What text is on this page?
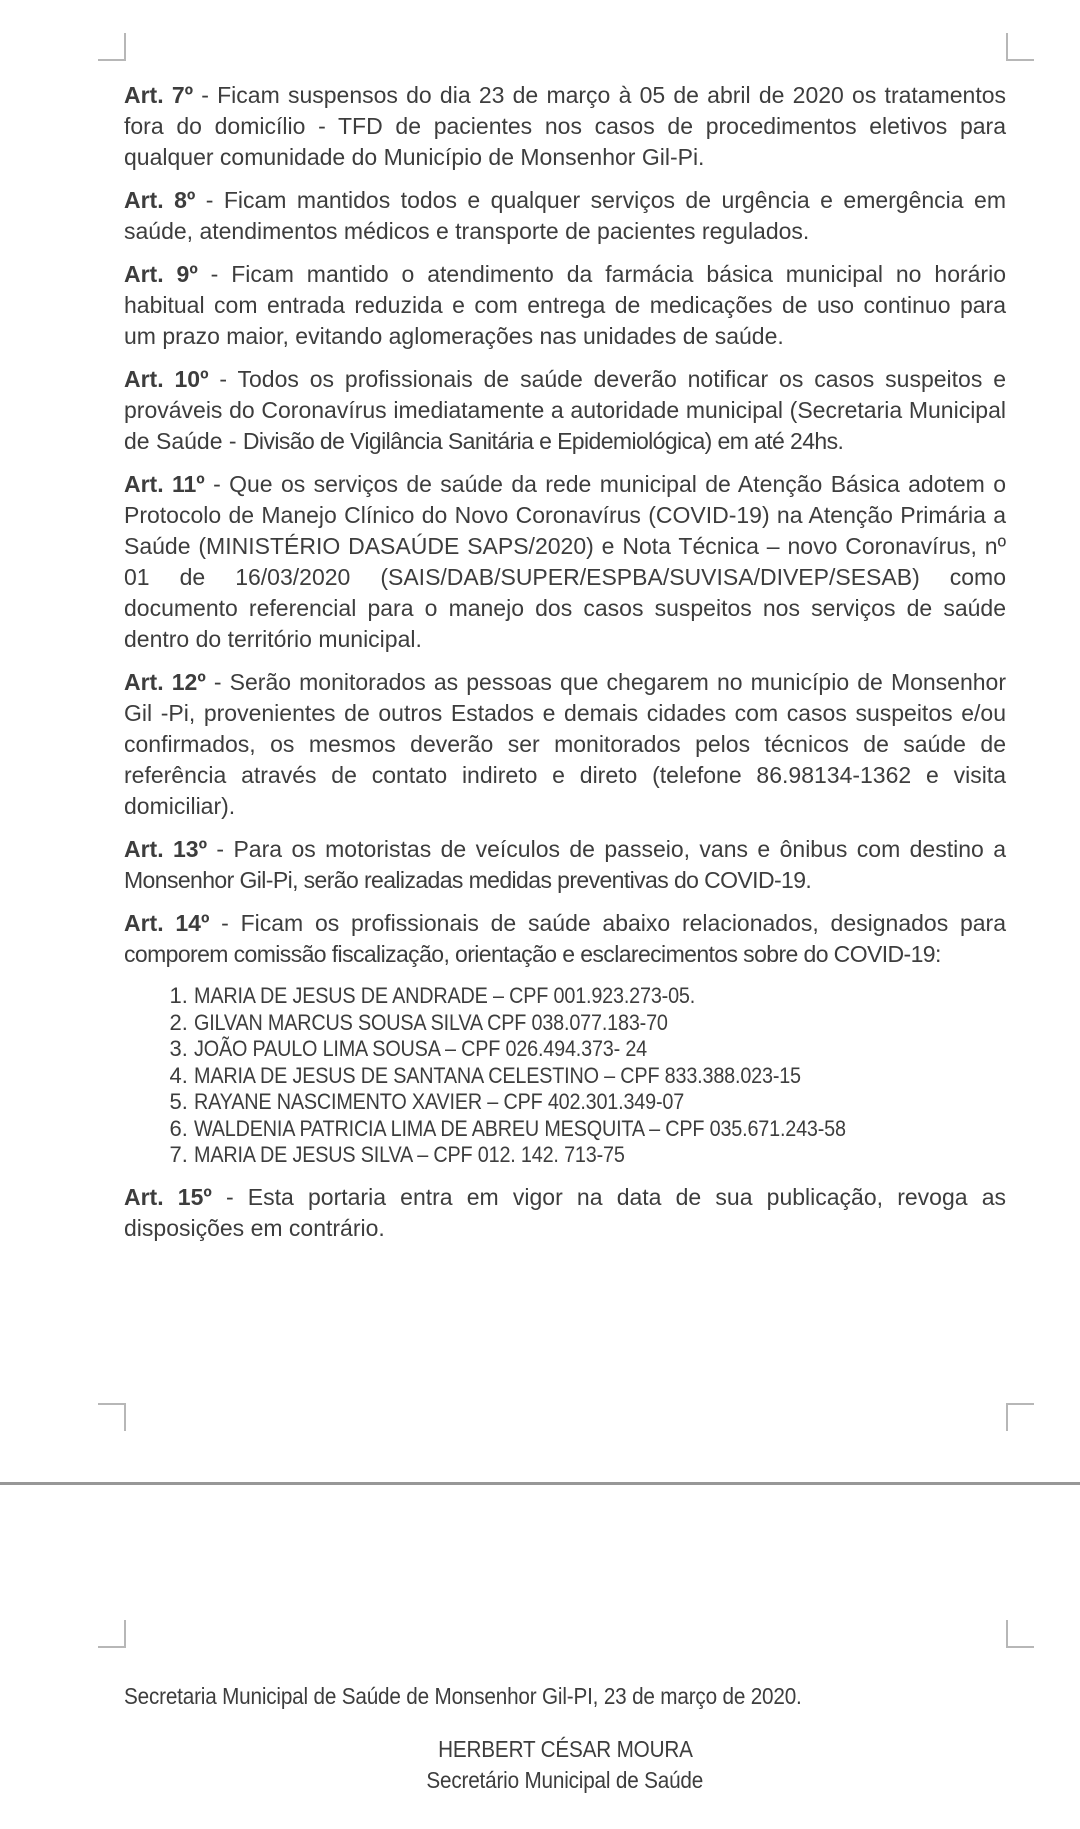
Art. 7º - Ficam suspensos do dia 23 de março à 05 de abril de 2020 os tratamentos fora do domicílio - TFD de pacientes nos casos de procedimentos eletivos para qualquer comunidade do Município de Monsenhor Gil-Pi.

Art. 8º - Ficam mantidos todos e qualquer serviços de urgência e emergência em saúde, atendimentos médicos e transporte de pacientes regulados.

Art. 9º - Ficam mantido o atendimento da farmácia básica municipal no horário habitual com entrada reduzida e com entrega de medicações de uso continuo para um prazo maior, evitando aglomerações nas unidades de saúde.

Art. 10º - Todos os profissionais de saúde deverão notificar os casos suspeitos e prováveis do Coronavírus imediatamente a autoridade municipal (Secretaria Municipal de Saúde - Divisão de Vigilância Sanitária e Epidemiológica) em até 24hs.

Art. 11º - Que os serviços de saúde da rede municipal de Atenção Básica adotem o Protocolo de Manejo Clínico do Novo Coronavírus (COVID-19) na Atenção Primária a Saúde (MINISTÉRIO DASAÚDE SAPS/2020) e Nota Técnica – novo Coronavírus, nº 01 de 16/03/2020 (SAIS/DAB/SUPER/ESPBA/SUVISA/DIVEP/SESAB) como documento referencial para o manejo dos casos suspeitos nos serviços de saúde dentro do território municipal.

Art. 12º - Serão monitorados as pessoas que chegarem no município de Monsenhor Gil -Pi, provenientes de outros Estados e demais cidades com casos suspeitos e/ou confirmados, os mesmos deverão ser monitorados pelos técnicos de saúde de referência através de contato indireto e direto (telefone 86.98134-1362 e visita domiciliar).

Art. 13º - Para os motoristas de veículos de passeio, vans e ônibus com destino a Monsenhor Gil-Pi, serão realizadas medidas preventivas do COVID-19.

Art. 14º - Ficam os profissionais de saúde abaixo relacionados, designados para comporem comissão fiscalização, orientação e esclarecimentos sobre do COVID-19:

1. MARIA DE JESUS DE ANDRADE – CPF 001.923.273-05.
2. GILVAN MARCUS SOUSA SILVA CPF 038.077.183-70
3. JOÃO PAULO LIMA SOUSA – CPF 026.494.373- 24
4. MARIA DE JESUS DE SANTANA CELESTINO – CPF 833.388.023-15
5. RAYANE NASCIMENTO XAVIER – CPF 402.301.349-07
6. WALDENIA PATRICIA LIMA DE ABREU MESQUITA – CPF 035.671.243-58
7. MARIA DE JESUS SILVA – CPF 012. 142. 713-75

Art. 15º - Esta portaria entra em vigor na data de sua publicação, revoga as disposições em contrário.

Secretaria Municipal de Saúde de Monsenhor Gil-PI, 23 de março de 2020.

HERBERT CÉSAR MOURA

Secretário Municipal de Saúde
